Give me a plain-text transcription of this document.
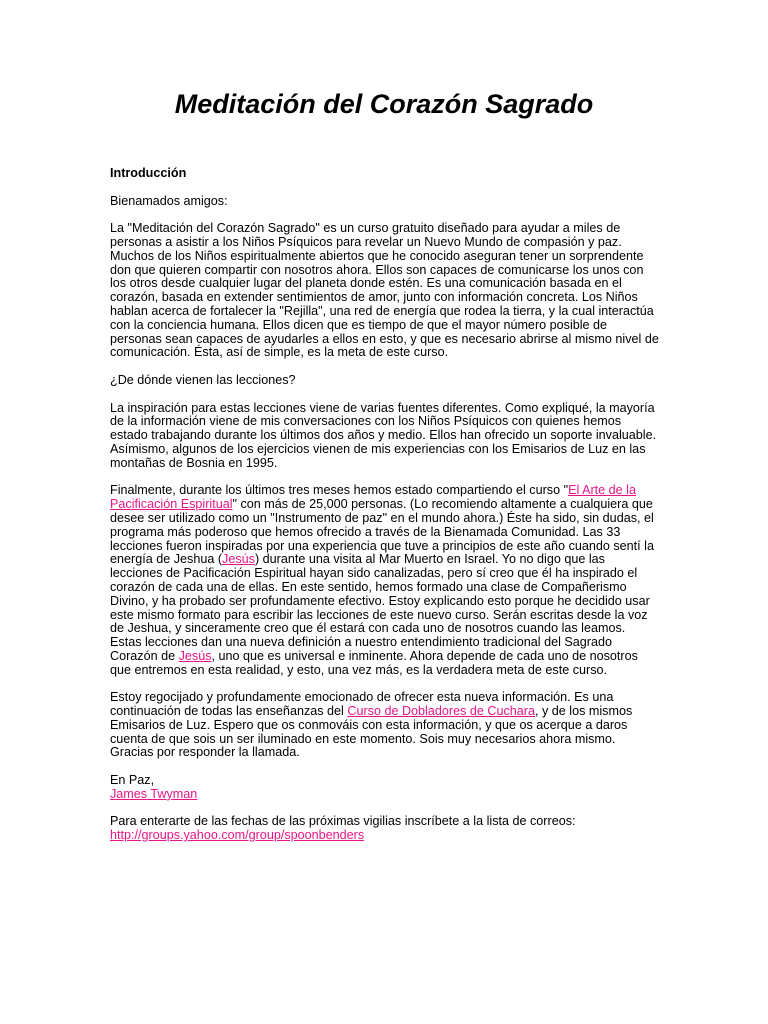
Meditación del Corazón Sagrado

Introducción

Bienamados amigos:

La "Meditación del Corazón Sagrado" es un curso gratuito diseñado para ayudar a miles de personas a asistir a los Niños Psíquicos para revelar un Nuevo Mundo de compasión y paz. Muchos de los Niños espiritualmente abiertos que he conocido aseguran tener un sorprendente don que quieren compartir con nosotros ahora. Ellos son capaces de comunicarse los unos con los otros desde cualquier lugar del planeta donde estén. Es una comunicación basada en el corazón, basada en extender sentimientos de amor, junto con información concreta. Los Niños hablan acerca de fortalecer la "Rejilla", una red de energía que rodea la tierra, y la cual interactúa con la conciencia humana. Ellos dicen que es tiempo de que el mayor número posible de personas sean capaces de ayudarles a ellos en esto, y que es necesario abrirse al mismo nivel de comunicación. Ésta, así de simple, es la meta de este curso.

¿De dónde vienen las lecciones?

La inspiración para estas lecciones viene de varias fuentes diferentes. Como expliqué, la mayoría de la información viene de mis conversaciones con los Niños Psíquicos con quienes hemos estado trabajando durante los últimos dos años y medio. Ellos han ofrecido un soporte invaluable. Asímismo, algunos de los ejercicios vienen de mis experiencias con los Emisarios de Luz en las montañas de Bosnia en 1995.

Finalmente, durante los últimos tres meses hemos estado compartiendo el curso "El Arte de la Pacificación Espiritual" con más de 25,000 personas. (Lo recomiendo altamente a cualquiera que desee ser utilizado como un "Instrumento de paz" en el mundo ahora.) Éste ha sido, sin dudas, el programa más poderoso que hemos ofrecido a través de la Bienamada Comunidad. Las 33 lecciones fueron inspiradas por una experiencia que tuve a principios de este año cuando sentí la energía de Jeshua (Jesús) durante una visita al Mar Muerto en Israel. Yo no digo que las lecciones de Pacificación Espiritual hayan sido canalizadas, pero sí creo que él ha inspirado el corazón de cada una de ellas. En este sentido, hemos formado una clase de Compañerismo Divino, y ha probado ser profundamente efectivo. Estoy explicando esto porque he decidido usar este mismo formato para escribir las lecciones de este nuevo curso. Serán escritas desde la voz de Jeshua, y sinceramente creo que él estará con cada uno de nosotros cuando las leamos. Estas lecciones dan una nueva definición a nuestro entendimiento tradicional del Sagrado Corazón de Jesús, uno que es universal e inminente. Ahora depende de cada uno de nosotros que entremos en esta realidad, y esto, una vez más, es la verdadera meta de este curso.

Estoy regocijado y profundamente emocionado de ofrecer esta nueva información. Es una continuación de todas las enseñanzas del Curso de Dobladores de Cuchara, y de los mismos Emisarios de Luz. Espero que os conmováis con esta información, y que os acerque a daros cuenta de que sois un ser iluminado en este momento. Sois muy necesarios ahora mismo. Gracias por responder la llamada.

En Paz,
James Twyman

Para enterarte de las fechas de las próximas vigilias inscríbete a la lista de correos:
http://groups.yahoo.com/group/spoonbenders
